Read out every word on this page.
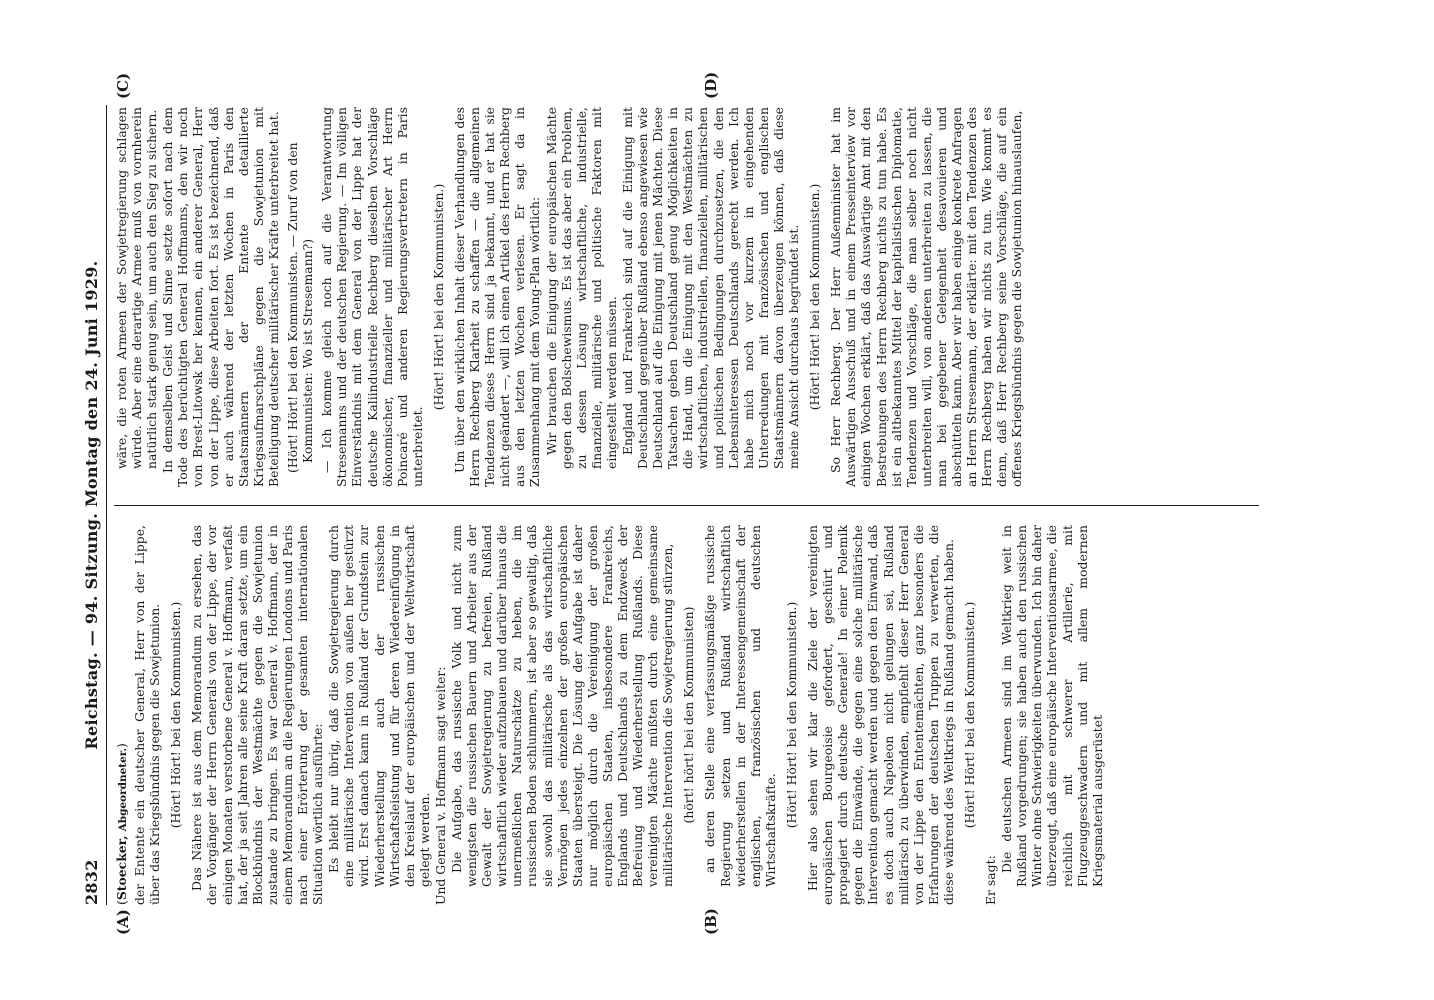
2832
Reichstag. — 94. Sitzung. Montag den 24. Juni 1929.
(A)	(B)
(C)	(D)

(Stoecker, Abgeordneter.) der Entente ein deutscher General, Herr von der Lippe, über das Kriegsbündnis gegen die Sowjetunion. (Hört! Hört! bei den Kommunisten.) Das Nähere ist aus dem Memorandum zu ersehen, das der Vorgänger der Herrn Generals von der Lippe, der vor einigen Monaten verstorbene General v. Hoffmann, verfaßt hat, der ja seit Jahren alle seine Kraft daran setzte, um ein Blockbündnis der Westmächte gegen die Sowjetunion zustande zu bringen. Es war General v. Hoffmann, der in einem Memorandum an die Regierungen Londons und Paris nach einer Erörterung der gesamten internationalen Situation wörtlich ausführte: Es bleibt nur übrig, daß die Sowjetregierung durch eine militärische Intervention von außen her gestürzt wird. Erst danach kann in Rußland der Grundstein zur Wiederherstellung auch der russischen Wirtschaftsleistung und für deren Wiedereinfügung in den Kreislauf der europäischen und der Weltwirtschaft gelegt werden. Und General v. Hoffmann sagt weiter: Die Aufgabe, das russische Volk und nicht zum wenigsten die russischen Bauern und Arbeiter aus der Gewalt der Sowjetregierung zu befreien, Rußland wirtschaftlich wieder aufzubauen und darüber hinaus die unermeßlichen Naturschätze zu heben, die im russischen Boden schlummern, ist aber so gewaltig, daß sie sowohl das militärische als das wirtschaftliche Vermögen jedes einzelnen der großen europäischen Staaten übersteigt. Die Lösung der Aufgabe ist daher nur möglich durch die Vereinigung der großen europäischen Staaten, insbesondere Frankreichs, Englands und Deutschlands zu dem Endzweck der Befreiung und Wiederherstellung Rußlands. Diese vereinigten Mächte müßten durch eine gemeinsame militärische Intervention die Sowjetregierung stürzen, (hört! hört! bei den Kommunisten) an deren Stelle eine verfassungsmäßige russische Regierung setzen und Rußland wirtschaftlich wiederherstellen in der Interessengemeinschaft der englischen, französischen und deutschen Wirtschaftskräfte.

(Hört! Hört! bei den Kommunisten.) Hier also sehen wir klar die Ziele der vereinigten europäischen Bourgeoisie gefordert, geschürt und propagiert durch deutsche Generale! In einer Polemik gegen die Einwände, die gegen eine solche militärische Intervention gemacht werden und gegen den Einwand, daß es doch auch Napoleon nicht gelungen sei, Rußland militärisch zu überwinden, empfiehlt dieser Herr General von der Lippe den Ententemächten, ganz besonders die Erfahrungen der deutschen Truppen zu verwerten, die diese während des Weltkriegs in Rußland gemacht haben. (Hört! Hört! bei den Kommunisten.)

Er sagt:

Die deutschen Armeen sind im Weltkrieg weit in Rußland vorgedrungen; sie haben auch den russischen Winter ohne Schwierigkeiten überwunden. Ich bin daher überzeugt, daß eine europäische Interventionsarmee, die reichlich mit schwerer Artillerie, mit Flugzeuggeschwadern und mit allem modernen Kriegsmaterial ausgerüstet

wäre, die roten Armeen der Sowjetregierung schlagen würde. Aber eine derartige Armee muß von vornherein natürlich stark genug sein, um auch den Sieg zu sichern. In demselben Geist und Sinne setzte sofort nach dem Tode des berüchtigten General Hoffmanns, den wir noch von Brest-Litowsk her kennen, ein anderer General, Herr von der Lippe, diese Arbeiten fort. Es ist bezeichnend, daß er auch während der letzten Wochen in Paris den Staatsmännern der Entente detaillierte Kriegsaufmarschpläne gegen die Sowjetunion mit Beteiligung deutscher militärischer Kräfte unterbreitet hat. (Hört! Hört! bei den Kommunisten. — Zuruf von den Kommunisten: Wo ist Stresemann?) — Ich komme gleich noch auf die Verantwortung Stresemanns und der deutschen Regierung. — Im völligen Einverständnis mit dem General von der Lippe hat der deutsche Kaliindustrielle Rechberg dieselben Vorschläge ökonomischer, finanzieller und militärischer Art Herrn Poincaré und anderen Regierungsvertretern in Paris unterbreitet.

(Hört! Hört! bei den Kommunisten.) Um über den wirklichen Inhalt dieser Verhandlungen des Herrn Rechberg Klarheit zu schaffen — die allgemeinen Tendenzen dieses Herrn sind ja bekannt, und er hat sie nicht geändert —, will ich einen Artikel des Herrn Rechberg aus den letzten Wochen verlesen. Er sagt da in Zusammenhang mit dem Young-Plan wörtlich: Wir brauchen die Einigung der europäischen Mächte gegen den Bolschewismus. Es ist das aber ein Problem, zu dessen Lösung wirtschaftliche, industrielle, finanzielle, militärische und politische Faktoren mit eingestellt werden müssen. England und Frankreich sind auf die Einigung mit Deutschland gegenüber Rußland ebenso angewiesen wie Deutschland auf die Einigung mit jenen Mächten. Diese Tatsachen geben Deutschland genug Möglichkeiten in die Hand, um die Einigung mit den Westmächten zu wirtschaftlichen, industriellen, finanziellen, militärischen und politischen Bedingungen durchzusetzen, die den Lebensinteressen Deutschlands gerecht werden. Ich habe mich noch vor kurzem in eingehenden Unterredungen mit französischen und englischen Staatsmännern davon überzeugen können, daß diese meine Ansicht durchaus begründet ist. (Hört! Hört! bei den Kommunisten.) So Herr Rechberg. Der Herr Außenminister hat im Auswärtigen Ausschuß und in einem Presseinterview vor einigen Wochen erklärt, daß das Auswärtige Amt mit den Bestrebungen des Herrn Rechberg nichts zu tun habe. Es ist ein altbekanntes Mittel der kapitalistischen Diplomatie, Tendenzen und Vorschläge, die man selber noch nicht unterbreiten will, von anderen unterbreiten zu lassen, die man bei gegebener Gelegenheit desavouieren und abschütteln kann. Aber wir haben einige konkrete Anfragen an Herrn Stresemann, der erklärte: mit den Tendenzen des Herrn Rechberg haben wir nichts zu tun. Wie kommt es denn, daß Herr Rechberg seine Vorschläge, die auf ein offenes Kriegsbündnis gegen die Sowjetunion hinauslaufen,
